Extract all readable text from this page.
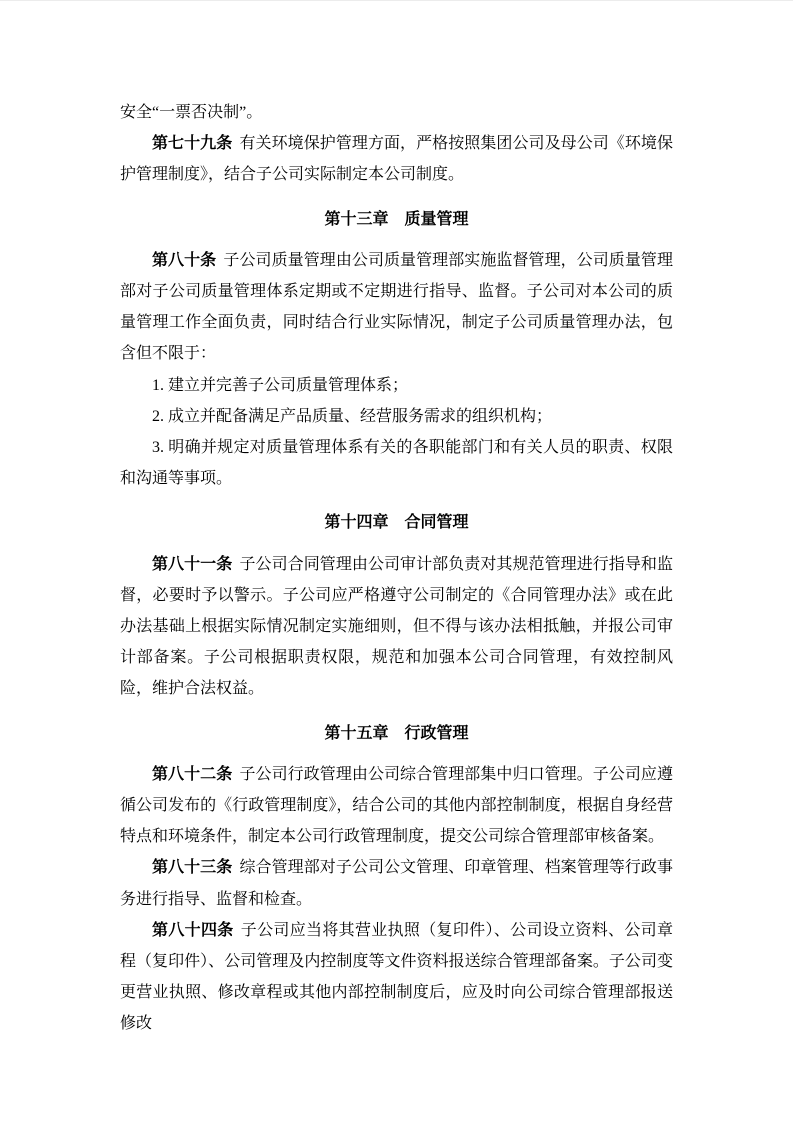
安全“一票否决制”。

第七十九条 有关环境保护管理方面，严格按照集团公司及母公司《环境保护管理制度》，结合子公司实际制定本公司制度。

第十三章　质量管理

第八十条 子公司质量管理由公司质量管理部实施监督管理，公司质量管理部对子公司质量管理体系定期或不定期进行指导、监督。子公司对本公司的质量管理工作全面负责，同时结合行业实际情况，制定子公司质量管理办法，包含但不限于：

1. 建立并完善子公司质量管理体系；

2. 成立并配备满足产品质量、经营服务需求的组织机构；

3. 明确并规定对质量管理体系有关的各职能部门和有关人员的职责、权限和沟通等事项。

第十四章　合同管理

第八十一条 子公司合同管理由公司审计部负责对其规范管理进行指导和监督，必要时予以警示。子公司应严格遵守公司制定的《合同管理办法》或在此办法基础上根据实际情况制定实施细则，但不得与该办法相抵触，并报公司审计部备案。子公司根据职责权限，规范和加强本公司合同管理，有效控制风险，维护合法权益。

第十五章　行政管理

第八十二条 子公司行政管理由公司综合管理部集中归口管理。子公司应遵循公司发布的《行政管理制度》，结合公司的其他内部控制制度，根据自身经营特点和环境条件，制定本公司行政管理制度，提交公司综合管理部审核备案。

第八十三条 综合管理部对子公司公文管理、印章管理、档案管理等行政事务进行指导、监督和检查。

第八十四条 子公司应当将其营业执照（复印件）、公司设立资料、公司章程（复印件）、公司管理及内控制度等文件资料报送综合管理部备案。子公司变更营业执照、修改章程或其他内部控制制度后，应及时向公司综合管理部报送修改
